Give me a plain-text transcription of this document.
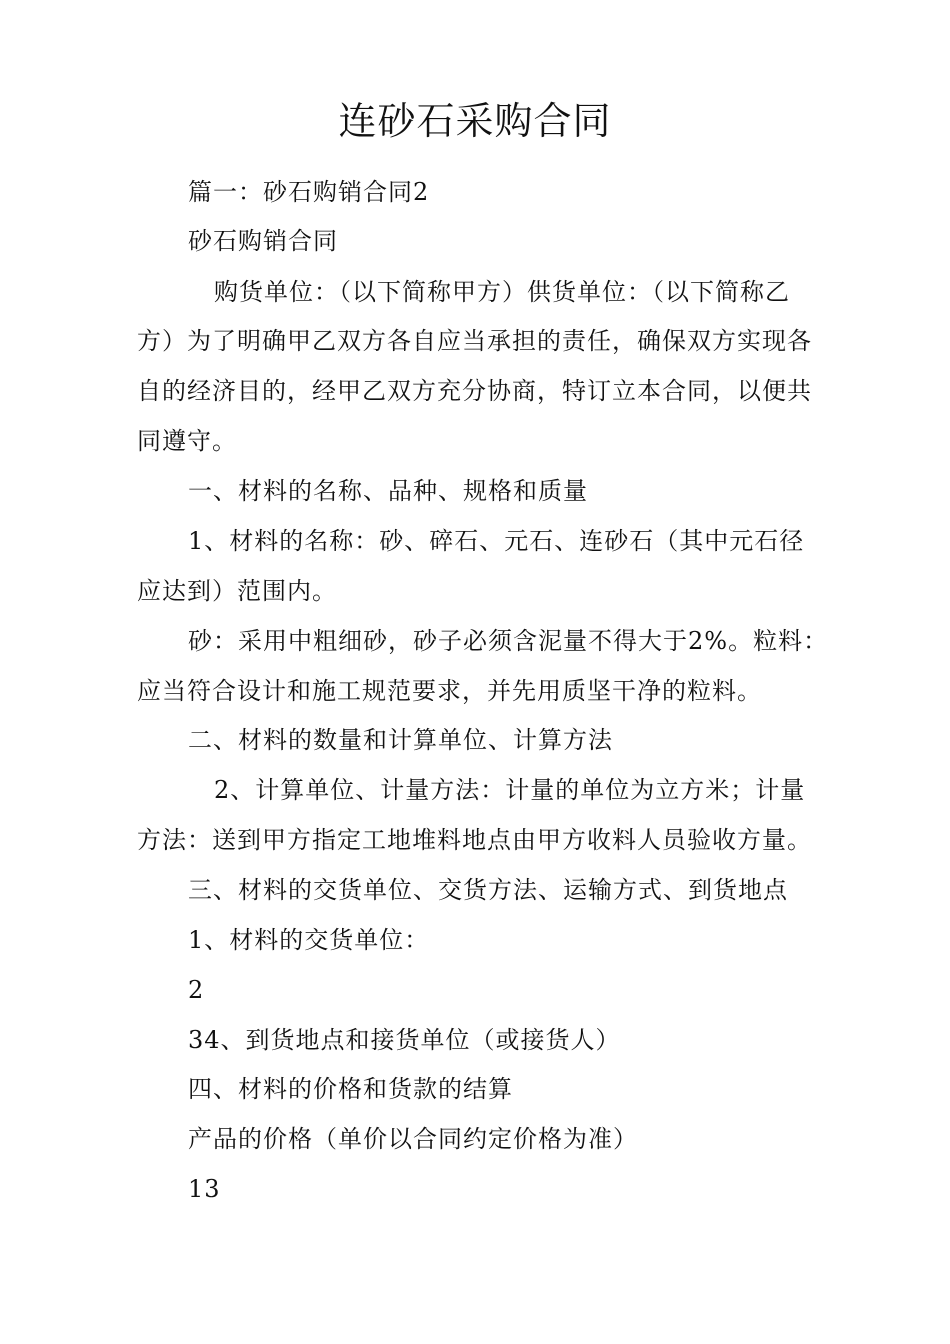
连砂石采购合同
篇一：砂石购销合同2
砂石购销合同
购货单位：（以下简称甲方）供货单位：（以下简称乙
方）为了明确甲乙双方各自应当承担的责任，确保双方实现各
自的经济目的，经甲乙双方充分协商，特订立本合同，以便共
同遵守。
一、材料的名称、品种、规格和质量
1、材料的名称：砂、碎石、元石、连砂石（其中元石径
应达到）范围内。
砂：采用中粗细砂，砂子必须含泥量不得大于2%。粒料：
应当符合设计和施工规范要求，并先用质坚干净的粒料。
二、材料的数量和计算单位、计算方法
2、计算单位、计量方法：计量的单位为立方米；计量
方法：送到甲方指定工地堆料地点由甲方收料人员验收方量。
三、材料的交货单位、交货方法、运输方式、到货地点
1、材料的交货单位：
2
34、到货地点和接货单位（或接货人）
四、材料的价格和货款的结算
产品的价格（单价以合同约定价格为准）
13
